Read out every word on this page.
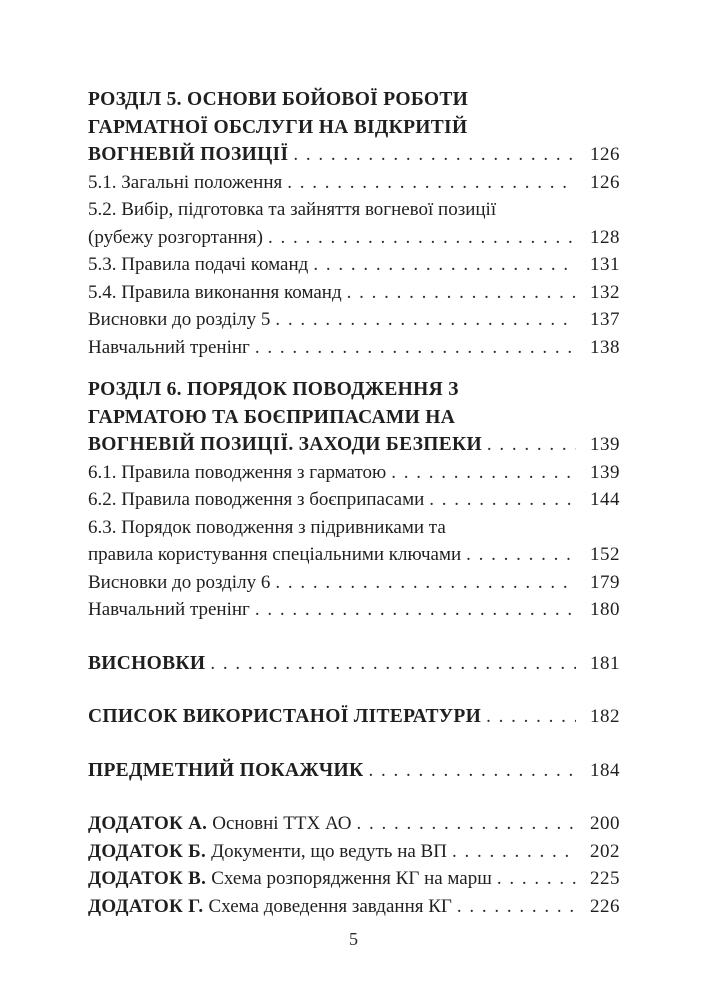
РОЗДІЛ 5. ОСНОВИ БОЙОВОЇ РОБОТИ
ГАРМАТНОЇ ОБСЛУГИ НА ВІДКРИТІЙ
ВОГНЕВІЙ ПОЗИЦІЇ . . .	126
5.1. Загальні положення . . .	126
5.2. Вибір, підготовка та зайняття вогневої позиції
(рубежу розгортання) . . .	128
5.3. Правила подачі команд . . .	131
5.4. Правила виконання команд . . .	132
Висновки до розділу 5 . . .	137
Навчальний тренінг . . .	138
РОЗДІЛ 6. ПОРЯДОК ПОВОДЖЕННЯ З
ГАРМАТОЮ ТА БОЄПРИПАСАМИ НА
ВОГНЕВІЙ ПОЗИЦІЇ. ЗАХОДИ БЕЗПЕКИ . . .	139
6.1. Правила поводження з гарматою . . .	139
6.2. Правила поводження з боєприпасами . . .	144
6.3. Порядок поводження з підривниками та
правила користування спеціальними ключами . . .	152
Висновки до розділу 6 . . .	179
Навчальний тренінг . . .	180
ВИСНОВКИ . . .	181
СПИСОК ВИКОРИСТАНОЇ ЛІТЕРАТУРИ . . .	182
ПРЕДМЕТНИЙ ПОКАЖЧИК . . .	184
ДОДАТОК А. Основні ТТХ АО . . .	200
ДОДАТОК Б. Документи, що ведуть на ВП . . .	202
ДОДАТОК В. Схема розпорядження КГ на марш . . .	225
ДОДАТОК Г. Схема доведення завдання КГ . . .	226
5
